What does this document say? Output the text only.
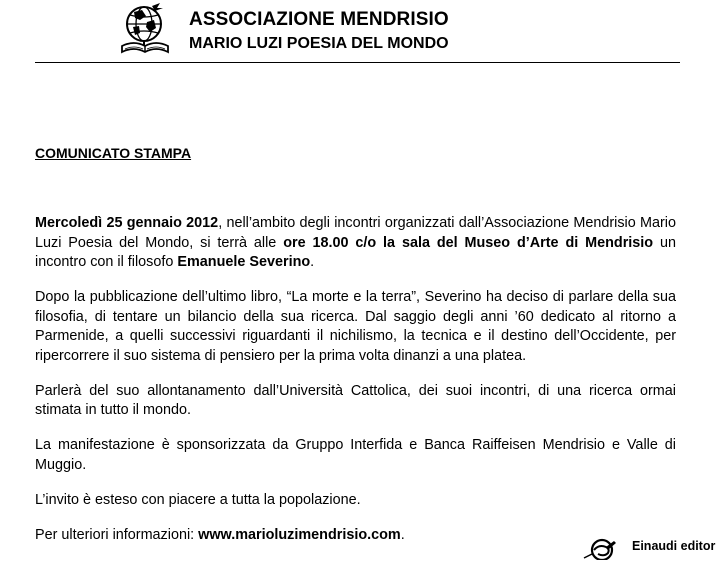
ASSOCIAZIONE MENDRISIO
MARIO LUZI POESIA DEL MONDO
COMUNICATO STAMPA

Mercoledì 25 gennaio 2012, nell’ambito degli incontri organizzati dall’Associazione Mendrisio Mario Luzi Poesia del Mondo, si terrà alle ore 18.00 c/o la sala del Museo d’Arte di Mendrisio un incontro con il filosofo Emanuele Severino.

Dopo la pubblicazione dell’ultimo libro, “La morte e la terra”, Severino ha deciso di parlare della sua filosofia, di tentare un bilancio della sua ricerca. Dal saggio degli anni ’60 dedicato al ritorno a Parmenide, a quelli successivi riguardanti il nichilismo, la tecnica e il destino dell’Occidente, per ripercorrere il suo sistema di pensiero per la prima volta dinanzi a una platea.

Parlerà del suo allontanamento dall’Università Cattolica, dei suoi incontri, di una ricerca ormai stimata in tutto il mondo.

La manifestazione è sponsorizzata da Gruppo Interfida e Banca Raiffeisen Mendrisio e Valle di Muggio.

L’invito è esteso con piacere a tutta la popolazione.

Per ulteriori informazioni: www.marioluzimendrisio.com.

Einaudi editor
